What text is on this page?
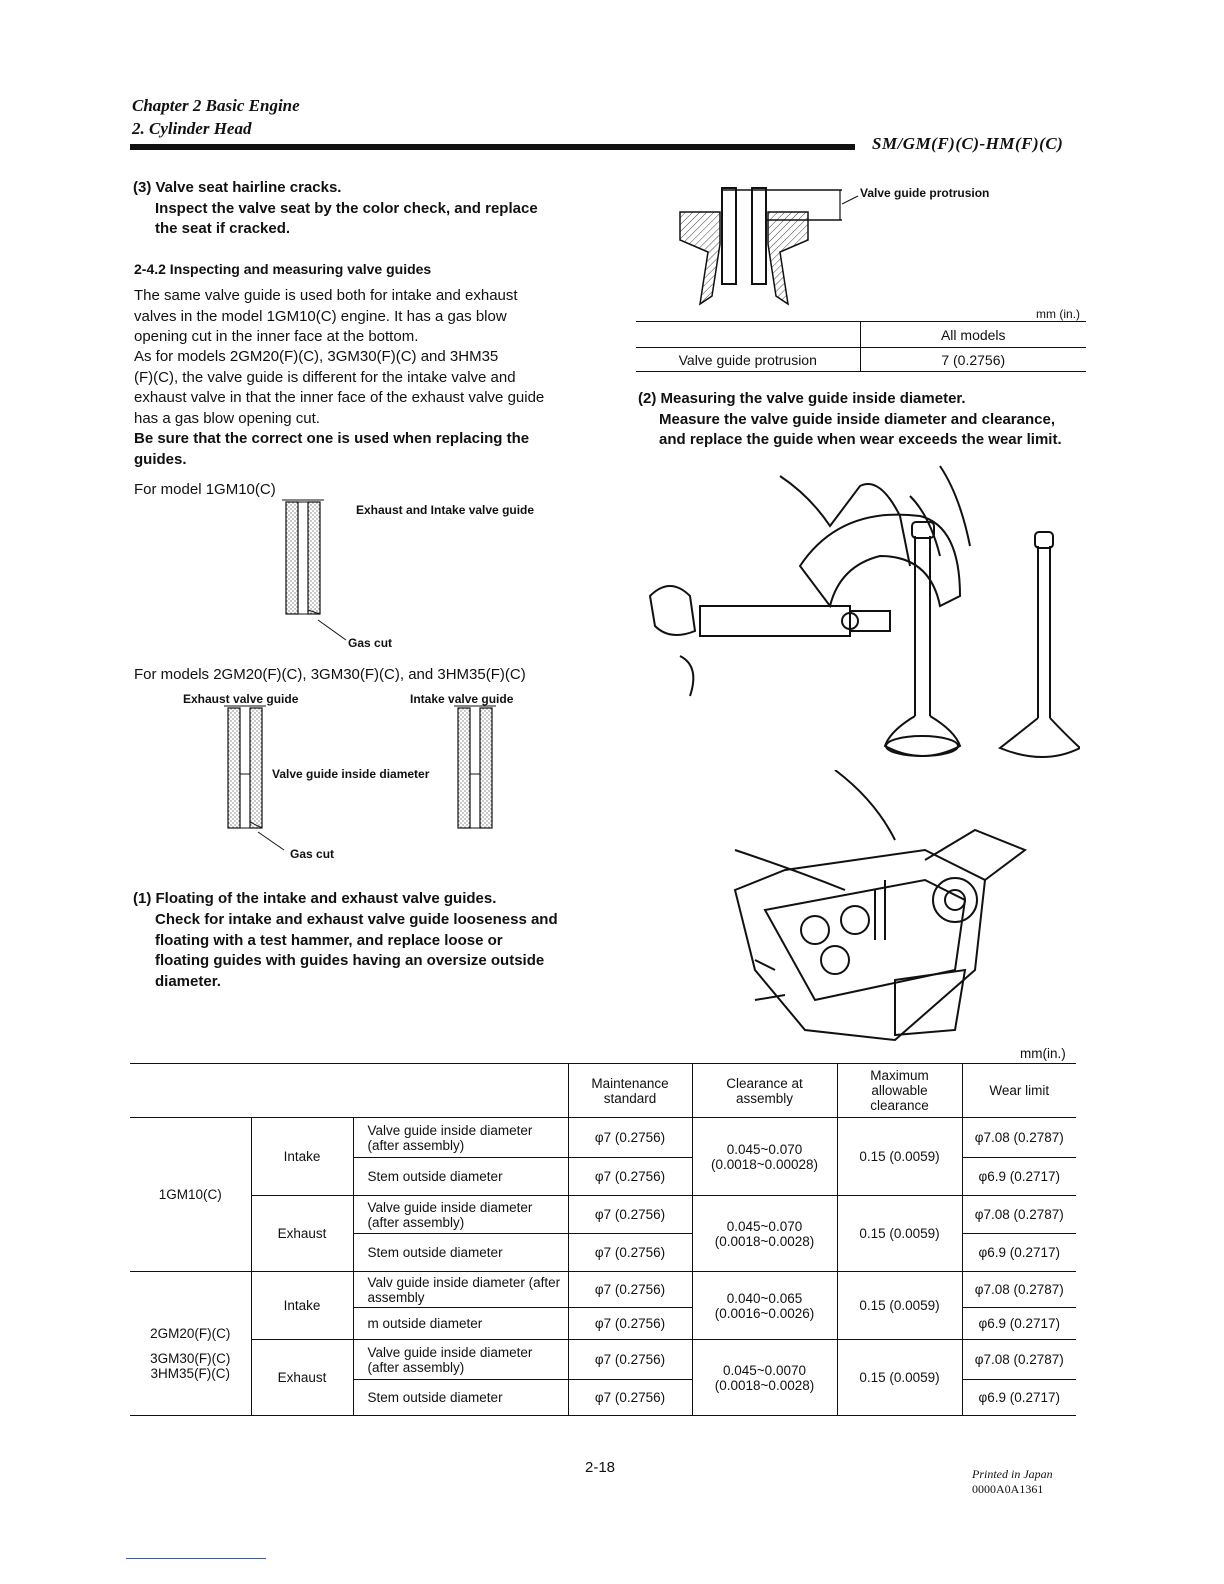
Chapter 2 Basic Engine
2. Cylinder Head
SM/GM(F)(C)-HM(F)(C)
(3) Valve seat hairline cracks.
Inspect the valve seat by the color check, and replace
the seat if cracked.
2-4.2 Inspecting and measuring valve guides
The same valve guide is used both for intake and exhaust
valves in the model 1GM10(C) engine. It has a gas blow
opening cut in the inner face at the bottom.
As for models 2GM20(F)(C), 3GM30(F)(C) and 3HM35
(F)(C), the valve guide is different for the intake valve and
exhaust valve in that the inner face of the exhaust valve guide
has a gas blow opening cut.
Be sure that the correct one is used when replacing the
guides.
For model 1GM10(C)
Exhaust and Intake valve guide
Gas cut
For models 2GM20(F)(C), 3GM30(F)(C), and 3HM35(F)(C)
Exhaust valve guide	Intake valve guide
Valve guide inside diameter
Gas cut
(1) Floating of the intake and exhaust valve guides.
Check for intake and exhaust valve guide looseness and
floating with a test hammer, and replace loose or
floating guides with guides having an oversize outside
diameter.
Valve guide protrusion
mm (in.)
	All models
Valve guide protrusion	7 (0.2756)
(2) Measuring the valve guide inside diameter.
Measure the valve guide inside diameter and clearance,
and replace the guide when wear exceeds the wear limit.
mm(in.)
			Maintenance standard	Clearance at assembly	Maximum allowable clearance	Wear limit
1GM10(C)	Intake	Valve guide inside diameter (after assembly)	φ7 (0.2756)	0.045~0.070 (0.0018~0.00028)	0.15 (0.0059)	φ7.08 (0.2787)
		Stem outside diameter	φ7 (0.2756)			φ6.9 (0.2717)
	Exhaust	Valve guide inside diameter (after assembly)	φ7 (0.2756)	0.045~0.070 (0.0018~0.0028)	0.15 (0.0059)	φ7.08 (0.2787)
		Stem outside diameter	φ7 (0.2756)			φ6.9 (0.2717)

2GM20(F)(C)
3GM30(F)(C)
3HM35(F)(C)	Intake	Valv guide inside diameter (after assembly	φ7 (0.2756)	0.040~0.065 (0.0016~0.0026)	0.15 (0.0059)	φ7.08 (0.2787)
		m outside diameter	φ7 (0.2756)			φ6.9 (0.2717)
	Exhaust	Valve guide inside diameter (after assembly)	φ7 (0.2756)	0.045~0.0070 (0.0018~0.0028)	0.15 (0.0059)	φ7.08 (0.2787)
		Stem outside diameter	φ7 (0.2756)			φ6.9 (0.2717)
2-18	Printed in Japan
0000A0A1361
